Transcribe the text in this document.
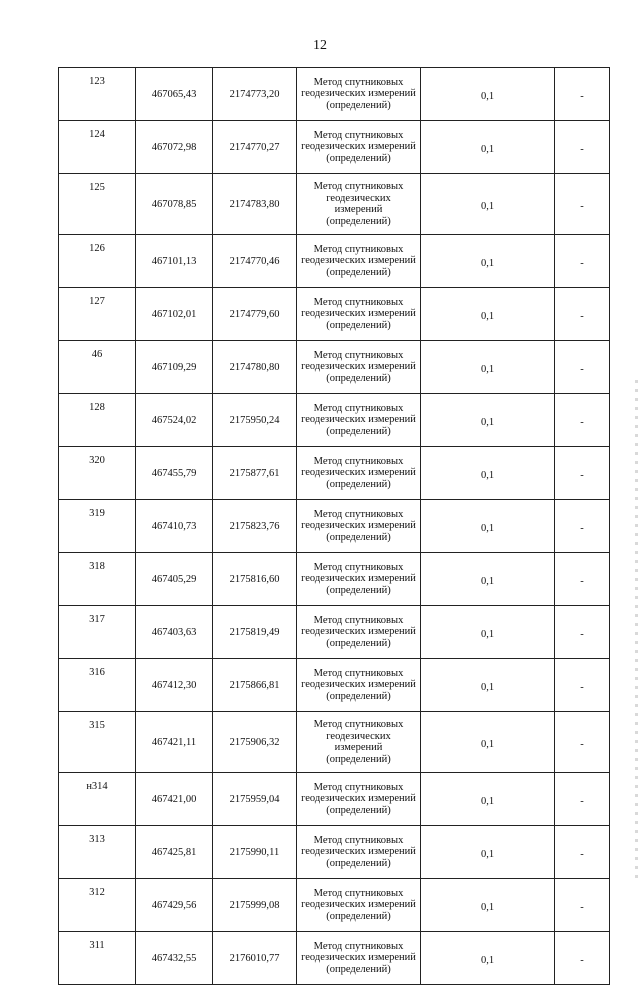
12
123	467065,43	2174773,20	Метод спутниковых геодезических измерений (определений)	0,1	-
124	467072,98	2174770,27	Метод спутниковых геодезических измерений (определений)	0,1	-
125	467078,85	2174783,80	Метод спутниковых геодезических измерений (определений)	0,1	-
126	467101,13	2174770,46	Метод спутниковых геодезических измерений (определений)	0,1	-
127	467102,01	2174779,60	Метод спутниковых геодезических измерений (определений)	0,1	-
46	467109,29	2174780,80	Метод спутниковых геодезических измерений (определений)	0,1	-
128	467524,02	2175950,24	Метод спутниковых геодезических измерений (определений)	0,1	-
320	467455,79	2175877,61	Метод спутниковых геодезических измерений (определений)	0,1	-
319	467410,73	2175823,76	Метод спутниковых геодезических измерений (определений)	0,1	-
318	467405,29	2175816,60	Метод спутниковых геодезических измерений (определений)	0,1	-
317	467403,63	2175819,49	Метод спутниковых геодезических измерений (определений)	0,1	-
316	467412,30	2175866,81	Метод спутниковых геодезических измерений (определений)	0,1	-
315	467421,11	2175906,32	Метод спутниковых геодезических измерений (определений)	0,1	-
н314	467421,00	2175959,04	Метод спутниковых геодезических измерений (определений)	0,1	-
313	467425,81	2175990,11	Метод спутниковых геодезических измерений (определений)	0,1	-
312	467429,56	2175999,08	Метод спутниковых геодезических измерений (определений)	0,1	-
311	467432,55	2176010,77	Метод спутниковых геодезических измерений (определений)	0,1	-
